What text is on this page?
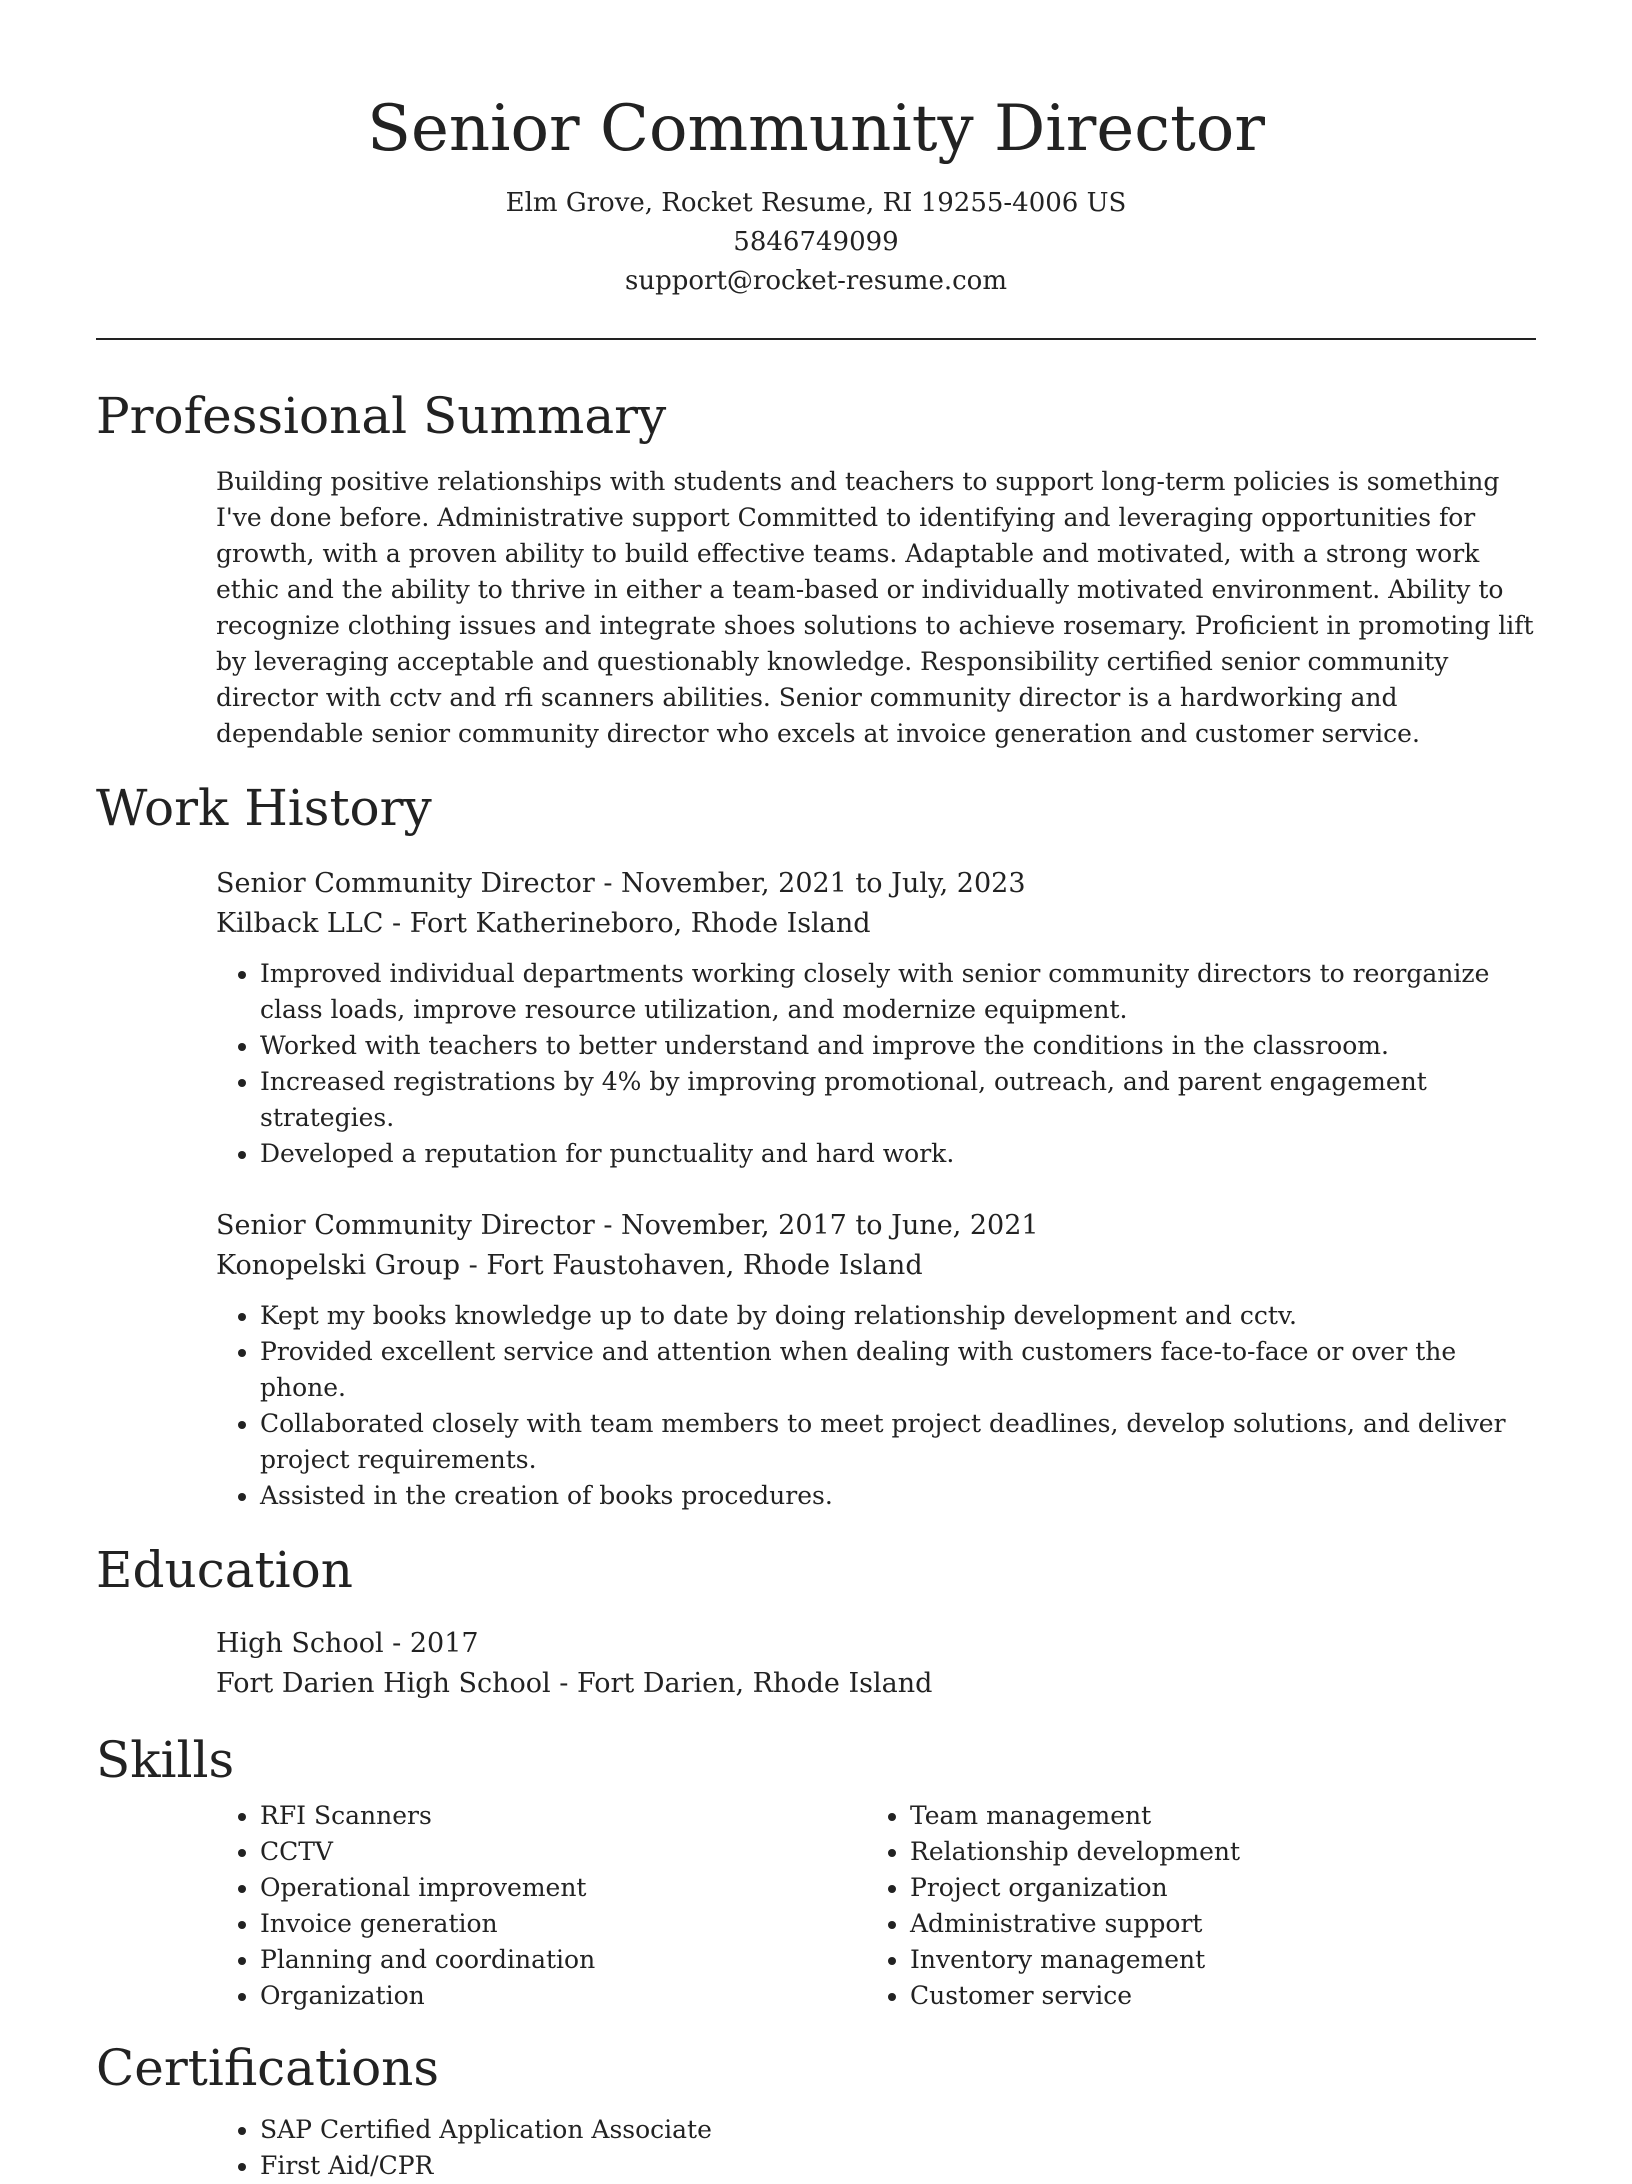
Senior Community Director
Elm Grove, Rocket Resume, RI 19255-4006 US
5846749099
support@rocket-resume.com
Professional Summary

Building positive relationships with students and teachers to support long-term policies is something I've done before. Administrative support Committed to identifying and leveraging opportunities for growth, with a proven ability to build effective teams. Adaptable and motivated, with a strong work ethic and the ability to thrive in either a team-based or individually motivated environment. Ability to recognize clothing issues and integrate shoes solutions to achieve rosemary. Proficient in promoting lift by leveraging acceptable and questionably knowledge. Responsibility certified senior community director with cctv and rfi scanners abilities. Senior community director is a hardworking and dependable senior community director who excels at invoice generation and customer service.

Work History
Senior Community Director - November, 2021 to July, 2023
Kilback LLC - Fort Katherineboro, Rhode Island
• Improved individual departments working closely with senior community directors to reorganize class loads, improve resource utilization, and modernize equipment.
• Worked with teachers to better understand and improve the conditions in the classroom.
• Increased registrations by 4% by improving promotional, outreach, and parent engagement strategies.
• Developed a reputation for punctuality and hard work.
Senior Community Director - November, 2017 to June, 2021
Konopelski Group - Fort Faustohaven, Rhode Island
• Kept my books knowledge up to date by doing relationship development and cctv.
• Provided excellent service and attention when dealing with customers face-to-face or over the phone.
• Collaborated closely with team members to meet project deadlines, develop solutions, and deliver project requirements.
• Assisted in the creation of books procedures.
Education
High School - 2017
Fort Darien High School - Fort Darien, Rhode Island
Skills
• RFI Scanners
• CCTV
• Operational improvement
• Invoice generation
• Planning and coordination
• Organization
• Team management
• Relationship development
• Project organization
• Administrative support
• Inventory management
• Customer service
Certifications
• SAP Certified Application Associate
• First Aid/CPR
